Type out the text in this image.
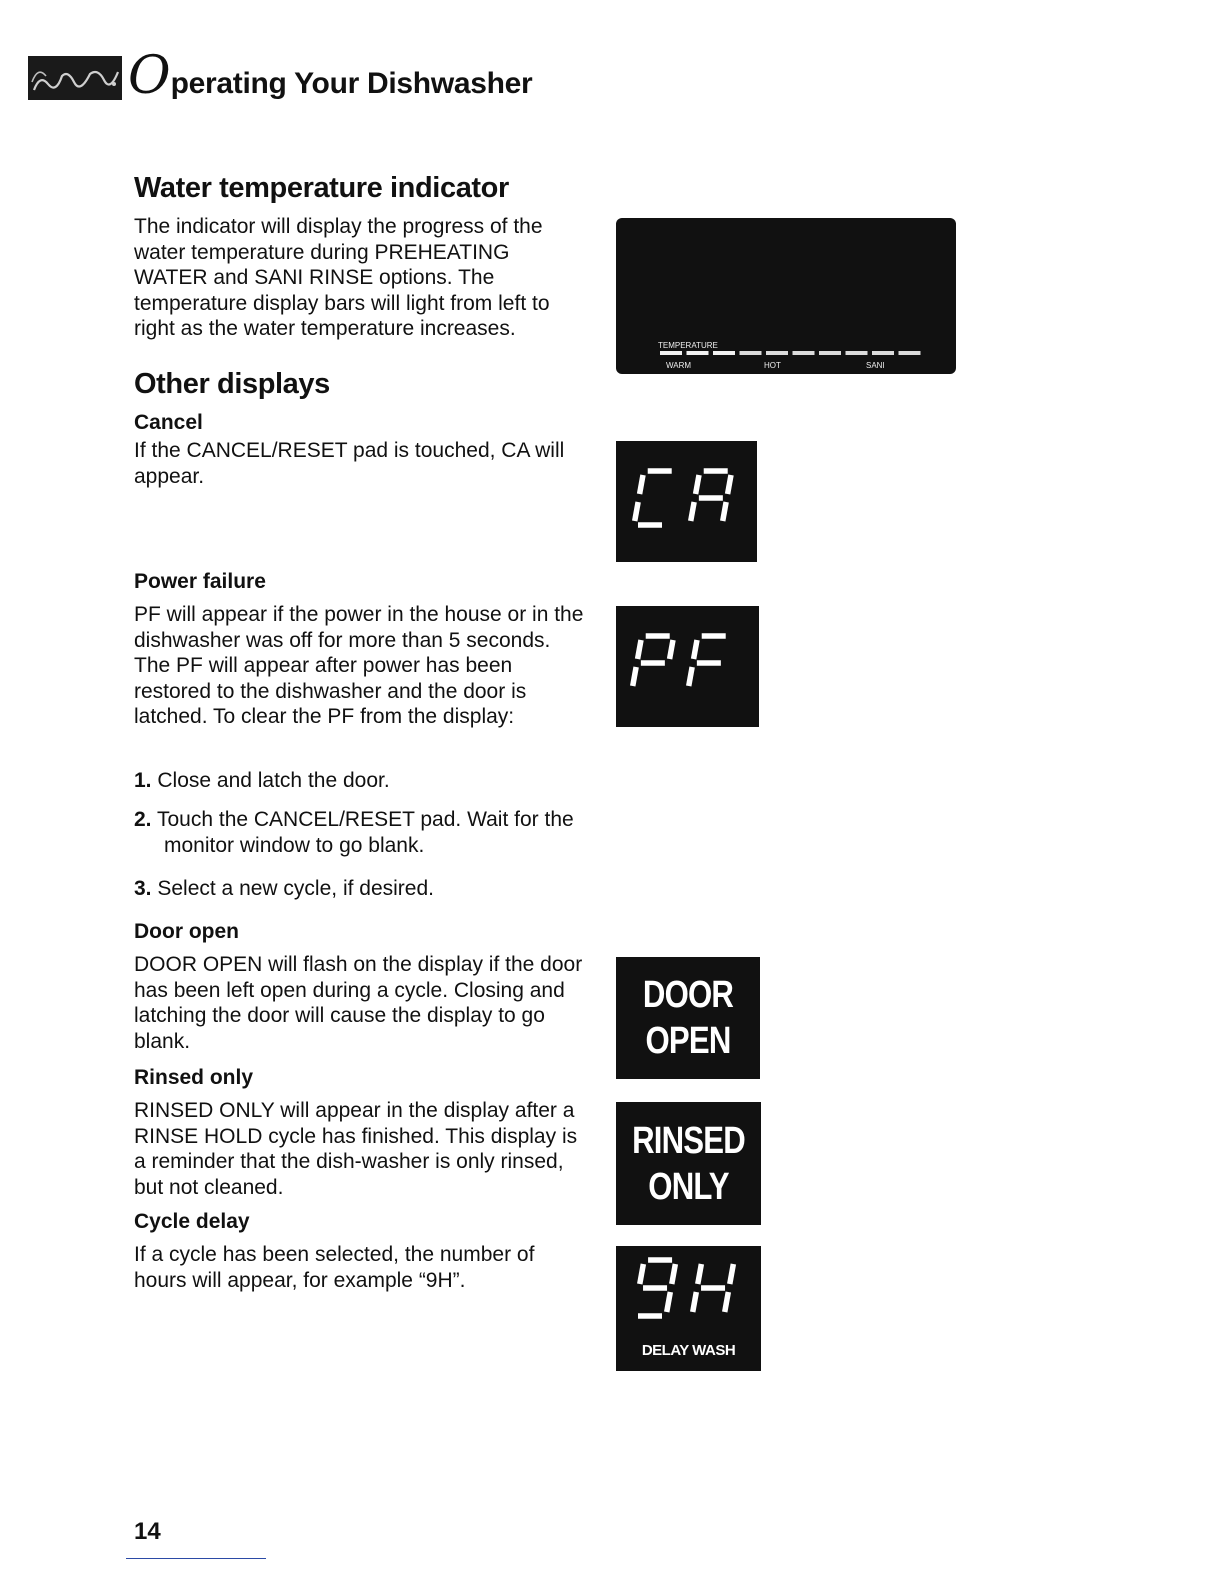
Operating Your Dishwasher
Water temperature indicator
The indicator will display the progress of the water temperature during PREHEATING WATER and SANI RINSE options. The temperature display bars will light from left to right as the water temperature increases.
TEMPERATURE
WARM	HOT	SANI
Other displays
Cancel
If the CANCEL/RESET pad is touched, CA will appear.
Power failure
PF will appear if the power in the house or in the dishwasher was off for more than 5 seconds. The PF will appear after power has been restored to the dishwasher and the door is latched. To clear the PF from the display:
1. Close and latch the door.
2. Touch the CANCEL/RESET pad. Wait for the monitor window to go blank.
3. Select a new cycle, if desired.
Door open
DOOR OPEN will flash on the display if the door has been left open during a cycle. Closing and latching the door will cause the display to go blank.
DOOR
OPEN
Rinsed only
RINSED ONLY will appear in the display after a RINSE HOLD cycle has finished. This display is a reminder that the dish-washer is only rinsed, but not cleaned.
RINSED
ONLY
Cycle delay
If a cycle has been selected, the number of hours will appear, for example “9H”.
DELAY WASH
14
